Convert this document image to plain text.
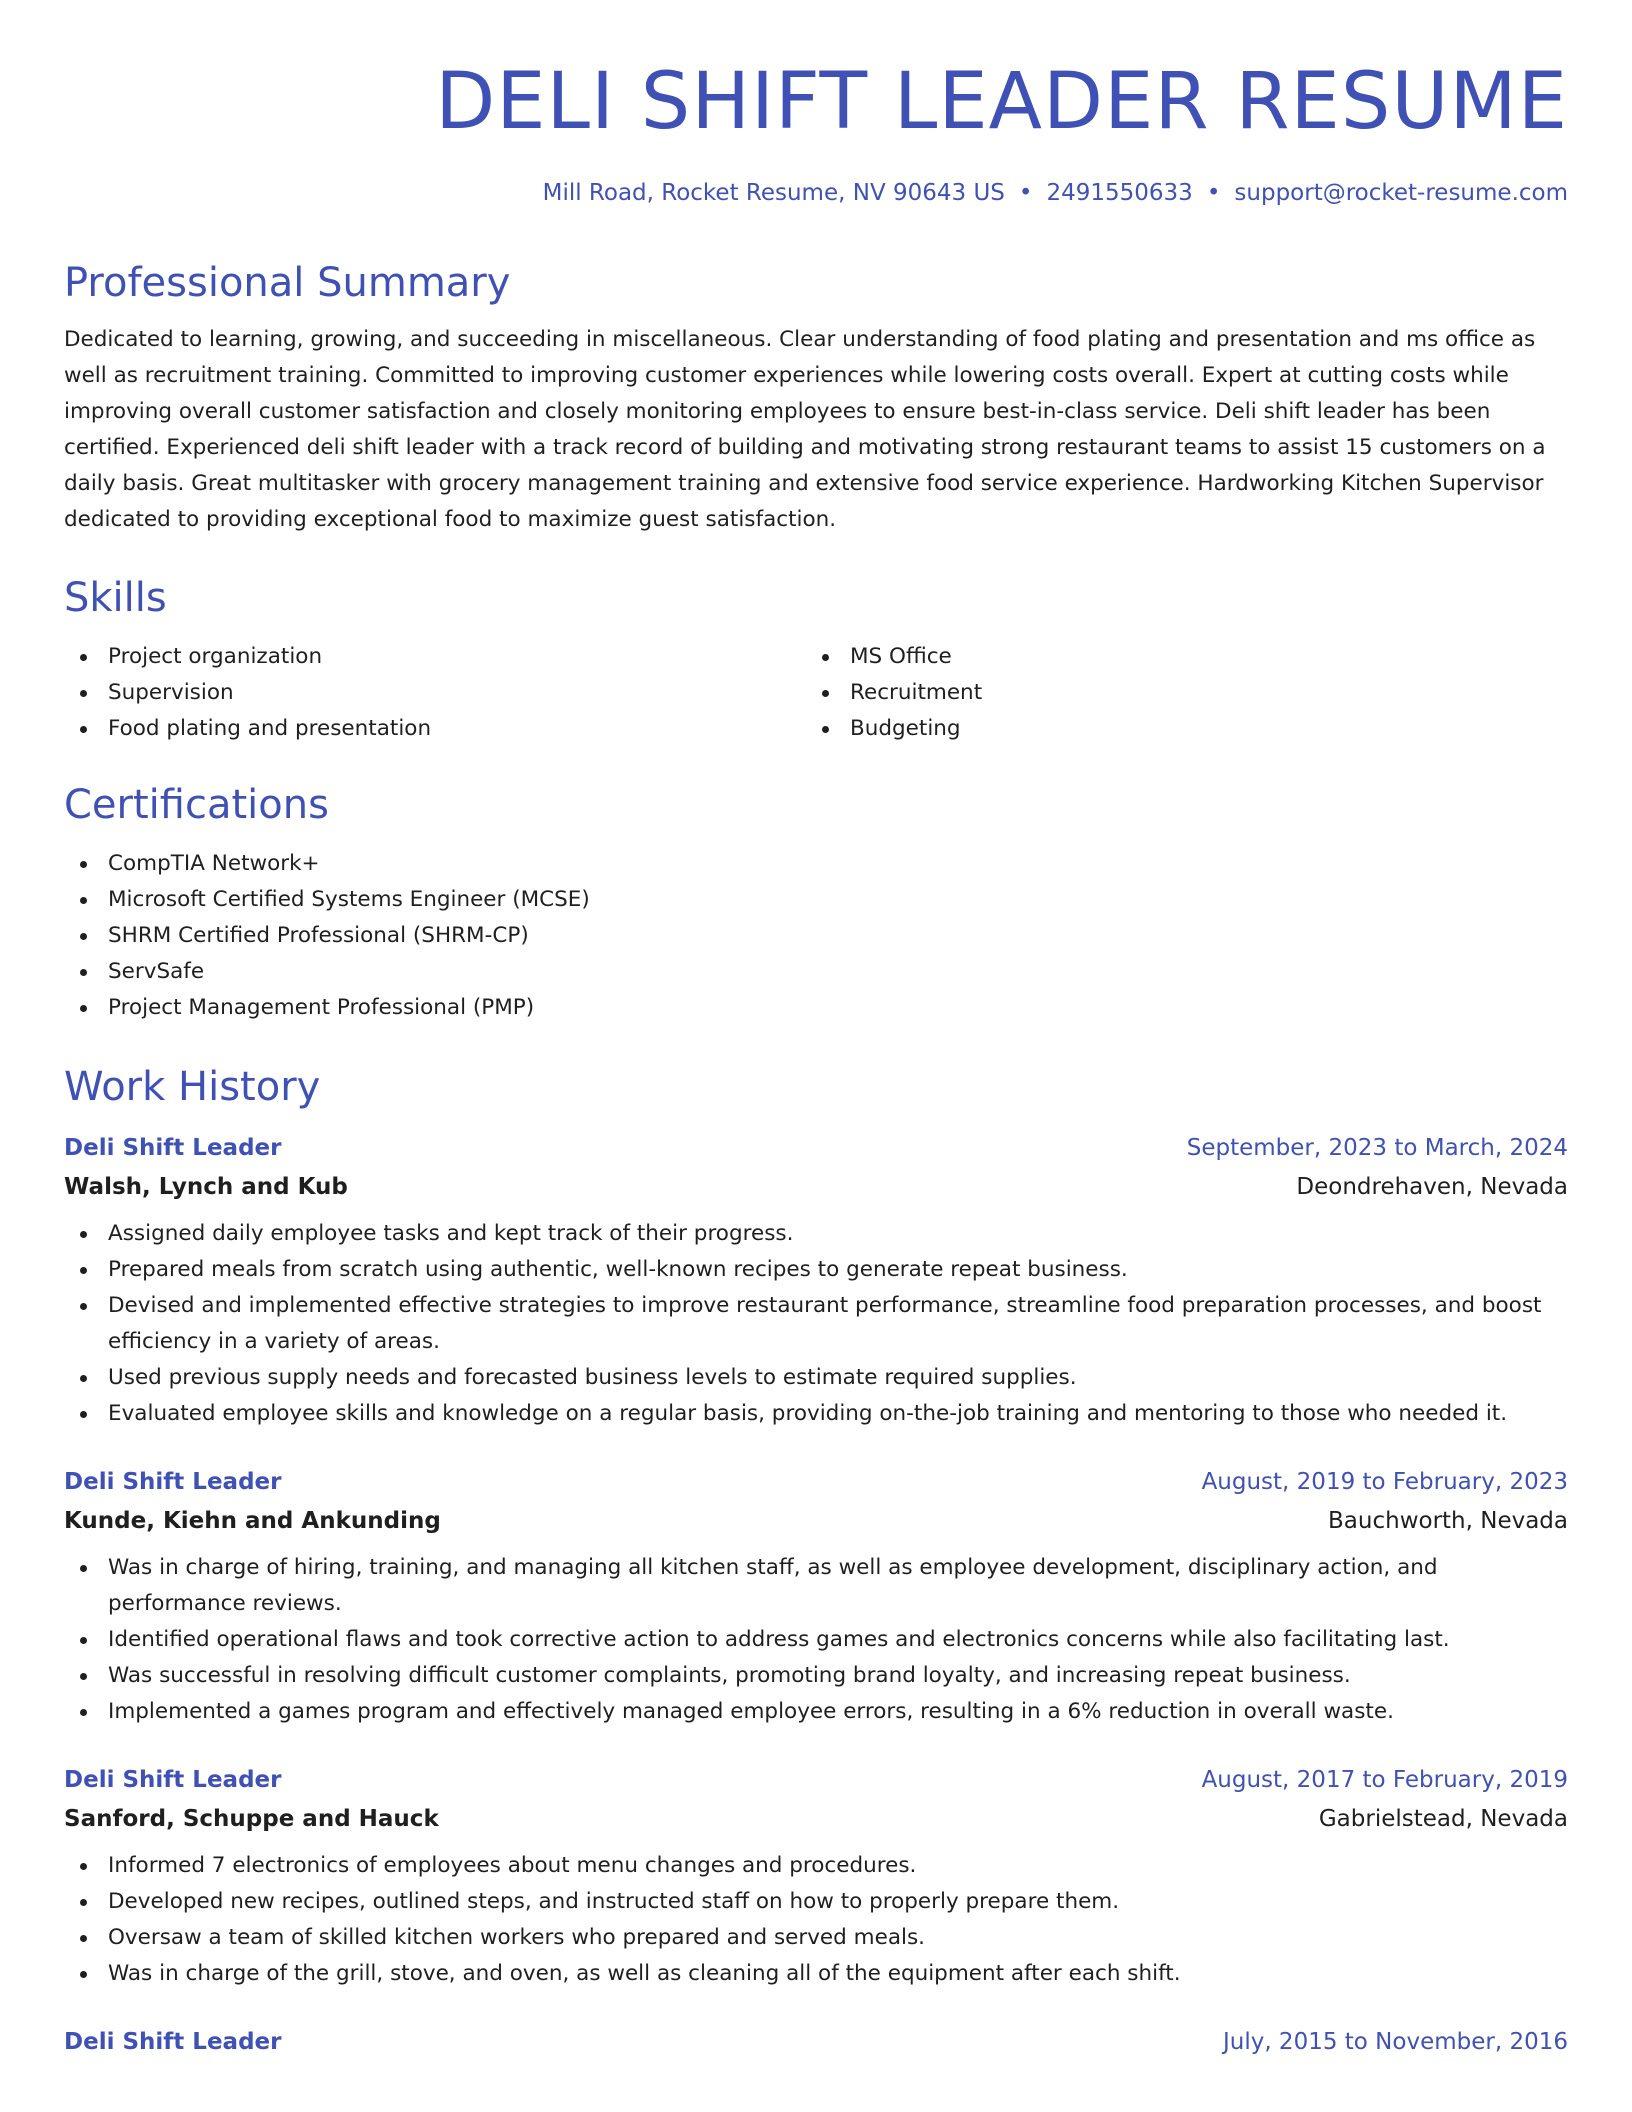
DELI SHIFT LEADER RESUME
Mill Road, Rocket Resume, NV 90643 US • 2491550633 • support@rocket-resume.com
Professional Summary
Dedicated to learning, growing, and succeeding in miscellaneous. Clear understanding of food plating and presentation and ms office as well as recruitment training. Committed to improving customer experiences while lowering costs overall. Expert at cutting costs while improving overall customer satisfaction and closely monitoring employees to ensure best-in-class service. Deli shift leader has been certified. Experienced deli shift leader with a track record of building and motivating strong restaurant teams to assist 15 customers on a daily basis. Great multitasker with grocery management training and extensive food service experience. Hardworking Kitchen Supervisor dedicated to providing exceptional food to maximize guest satisfaction.
Skills
Project organization
Supervision
Food plating and presentation
MS Office
Recruitment
Budgeting
Certifications
CompTIA Network+
Microsoft Certified Systems Engineer (MCSE)
SHRM Certified Professional (SHRM-CP)
ServSafe
Project Management Professional (PMP)
Work History
Deli Shift Leader	September, 2023 to March, 2024
Walsh, Lynch and Kub	Deondrehaven, Nevada
Assigned daily employee tasks and kept track of their progress.
Prepared meals from scratch using authentic, well-known recipes to generate repeat business.
Devised and implemented effective strategies to improve restaurant performance, streamline food preparation processes, and boost efficiency in a variety of areas.
Used previous supply needs and forecasted business levels to estimate required supplies.
Evaluated employee skills and knowledge on a regular basis, providing on-the-job training and mentoring to those who needed it.
Deli Shift Leader	August, 2019 to February, 2023
Kunde, Kiehn and Ankunding	Bauchworth, Nevada
Was in charge of hiring, training, and managing all kitchen staff, as well as employee development, disciplinary action, and performance reviews.
Identified operational flaws and took corrective action to address games and electronics concerns while also facilitating last.
Was successful in resolving difficult customer complaints, promoting brand loyalty, and increasing repeat business.
Implemented a games program and effectively managed employee errors, resulting in a 6% reduction in overall waste.
Deli Shift Leader	August, 2017 to February, 2019
Sanford, Schuppe and Hauck	Gabrielstead, Nevada
Informed 7 electronics of employees about menu changes and procedures.
Developed new recipes, outlined steps, and instructed staff on how to properly prepare them.
Oversaw a team of skilled kitchen workers who prepared and served meals.
Was in charge of the grill, stove, and oven, as well as cleaning all of the equipment after each shift.
Deli Shift Leader	July, 2015 to November, 2016
